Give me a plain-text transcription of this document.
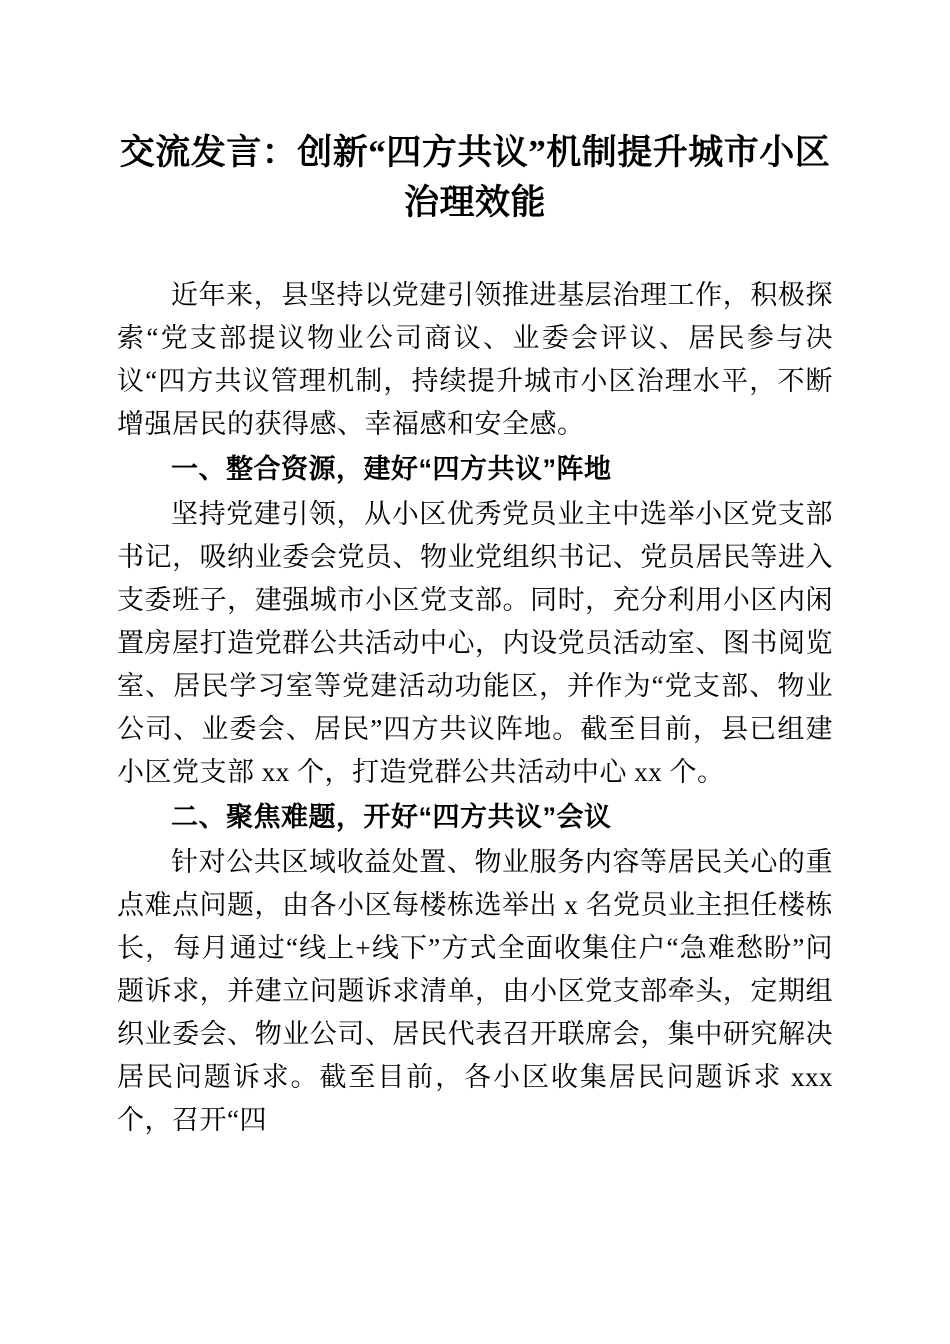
交流发言：创新“四方共议”机制提升城市小区治理效能

近年来，县坚持以党建引领推进基层治理工作，积极探索“党支部提议物业公司商议、业委会评议、居民参与决议“四方共议管理机制，持续提升城市小区治理水平，不断增强居民的获得感、幸福感和安全感。

一、整合资源，建好“四方共议”阵地

坚持党建引领，从小区优秀党员业主中选举小区党支部书记，吸纳业委会党员、物业党组织书记、党员居民等进入支委班子，建强城市小区党支部。同时，充分利用小区内闲置房屋打造党群公共活动中心，内设党员活动室、图书阅览室、居民学习室等党建活动功能区，并作为“党支部、物业公司、业委会、居民”四方共议阵地。截至目前，县已组建小区党支部 xx 个，打造党群公共活动中心 xx 个。

二、聚焦难题，开好“四方共议”会议

针对公共区域收益处置、物业服务内容等居民关心的重点难点问题，由各小区每楼栋选举出 x 名党员业主担任楼栋长，每月通过“线上+线下”方式全面收集住户“急难愁盼”问题诉求，并建立问题诉求清单，由小区党支部牵头，定期组织业委会、物业公司、居民代表召开联席会，集中研究解决居民问题诉求。截至目前，各小区收集居民问题诉求 xxx 个，召开“四
